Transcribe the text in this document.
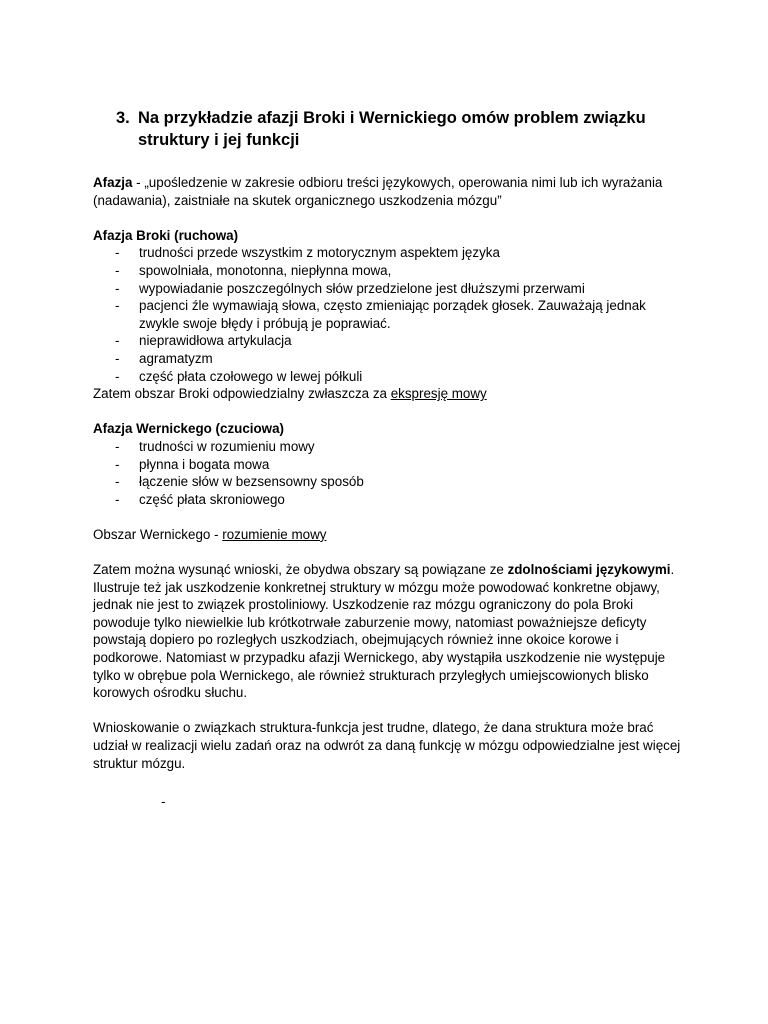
3. Na przykładzie afazji Broki i Wernickiego omów problem związku struktury i jej funkcji

Afazja - „upośledzenie w zakresie odbioru treści językowych, operowania nimi lub ich wyrażania (nadawania), zaistniałe na skutek organicznego uszkodzenia mózgu”

Afazja Broki (ruchowa)

- trudności przede wszystkim z motorycznym aspektem języka
- spowolniała, monotonna, niepłynna mowa,
- wypowiadanie poszczególnych słów przedzielone jest dłuższymi przerwami
- pacjenci źle wymawiają słowa, często zmieniając porządek głosek. Zauważają jednak zwykle swoje błędy i próbują je poprawiać.
- nieprawidłowa artykulacja
- agramatyzm
- część płata czołowego w lewej półkuli

Zatem obszar Broki odpowiedzialny zwłaszcza za ekspresję mowy

Afazja Wernickego (czuciowa)

- trudności w rozumieniu mowy
- płynna i bogata mowa
- łączenie słów w bezsensowny sposób
- część płata skroniowego

Obszar Wernickego - rozumienie mowy

Zatem można wysunąć wnioski, że obydwa obszary są powiązane ze zdolnościami językowymi. Ilustruje też jak uszkodzenie konkretnej struktury w mózgu może powodować konkretne objawy, jednak nie jest to związek prostoliniowy. Uszkodzenie raz mózgu ograniczony do pola Broki powoduje tylko niewielkie lub krótkotrwałe zaburzenie mowy, natomiast poważniejsze deficyty powstają dopiero po rozległych uszkodziach, obejmujących również inne okoice korowe i podkorowe. Natomiast w przypadku afazji Wernickego, aby wystąpiła uszkodzenie nie występuje tylko w obrębue pola Wernickego, ale również strukturach przyległych umiejscowionych blisko korowych ośrodku słuchu.

Wnioskowanie o związkach struktura-funkcja jest trudne, dlatego, że dana struktura może brać udział w realizacji wielu zadań oraz na odwrót za daną funkcję w mózgu odpowiedzialne jest więcej struktur mózgu.

-
